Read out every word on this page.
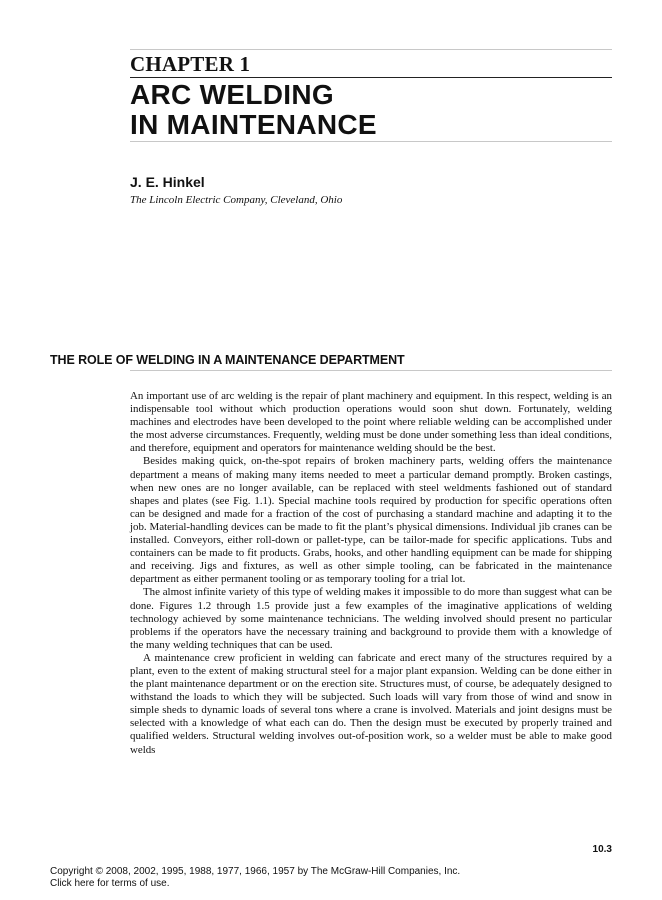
CHAPTER 1
ARC WELDING
IN MAINTENANCE
J. E. Hinkel
The Lincoln Electric Company, Cleveland, Ohio
THE ROLE OF WELDING IN A MAINTENANCE DEPARTMENT

An important use of arc welding is the repair of plant machinery and equipment. In this respect, welding is an indispensable tool without which production operations would soon shut down. Fortunately, welding machines and electrodes have been developed to the point where reliable welding can be accomplished under the most adverse circumstances. Frequently, welding must be done under something less than ideal conditions, and therefore, equipment and operators for maintenance welding should be the best.

Besides making quick, on-the-spot repairs of broken machinery parts, welding offers the maintenance department a means of making many items needed to meet a particular demand promptly. Broken castings, when new ones are no longer available, can be replaced with steel weldments fashioned out of standard shapes and plates (see Fig. 1.1). Special machine tools required by production for specific operations often can be designed and made for a fraction of the cost of purchasing a standard machine and adapting it to the job. Material-handling devices can be made to fit the plant’s physical dimensions. Individual jib cranes can be installed. Conveyors, either roll-down or pallet-type, can be tailor-made for specific applications. Tubs and containers can be made to fit products. Grabs, hooks, and other handling equipment can be made for shipping and receiving. Jigs and fixtures, as well as other simple tooling, can be fabricated in the maintenance department as either permanent tooling or as temporary tooling for a trial lot.

The almost infinite variety of this type of welding makes it impossible to do more than suggest what can be done. Figures 1.2 through 1.5 provide just a few examples of the imaginative applications of welding technology achieved by some maintenance technicians. The welding involved should present no particular problems if the operators have the necessary training and background to provide them with a knowledge of the many welding techniques that can be used.

A maintenance crew proficient in welding can fabricate and erect many of the structures required by a plant, even to the extent of making structural steel for a major plant expansion. Welding can be done either in the plant maintenance department or on the erection site. Structures must, of course, be adequately designed to withstand the loads to which they will be subjected. Such loads will vary from those of wind and snow in simple sheds to dynamic loads of several tons where a crane is involved. Materials and joint designs must be selected with a knowledge of what each can do. Then the design must be executed by properly trained and qualified welders. Structural welding involves out-of-position work, so a welder must be able to make good welds

10.3
Copyright © 2008, 2002, 1995, 1988, 1977, 1966, 1957 by The McGraw-Hill Companies, Inc.
Click here for terms of use.
